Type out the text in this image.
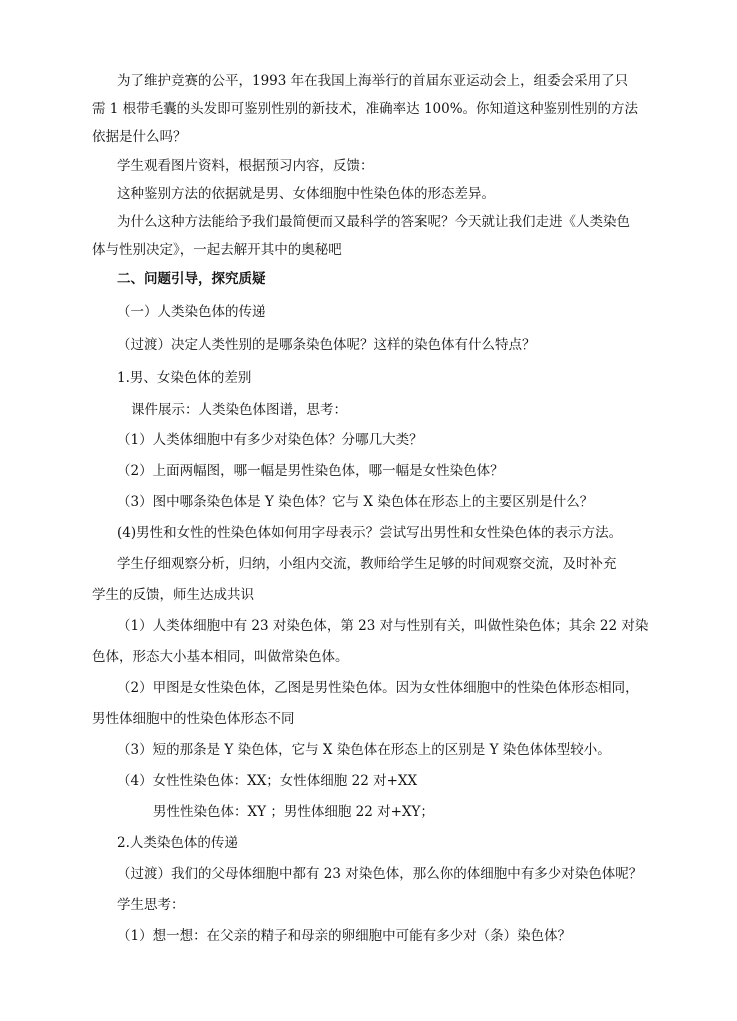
为了维护竞赛的公平，1993 年在我国上海举行的首届东亚运动会上，组委会采用了只
需 1 根带毛囊的头发即可鉴别性别的新技术，准确率达 100%。你知道这种鉴别性别的方法
依据是什么吗？
学生观看图片资料，根据预习内容，反馈：
这种鉴别方法的依据就是男、女体细胞中性染色体的形态差异。
为什么这种方法能给予我们最简便而又最科学的答案呢？今天就让我们走进《人类染色
体与性别决定》，一起去解开其中的奥秘吧
二、问题引导，探究质疑
（一）人类染色体的传递
（过渡）决定人类性别的是哪条染色体呢？这样的染色体有什么特点？
1.男、女染色体的差别
课件展示：人类染色体图谱，思考：
（1）人类体细胞中有多少对染色体？分哪几大类？
（2）上面两幅图，哪一幅是男性染色体，哪一幅是女性染色体？
（3）图中哪条染色体是 Y 染色体？它与 X 染色体在形态上的主要区别是什么？
(4)男性和女性的性染色体如何用字母表示？尝试写出男性和女性染色体的表示方法。
学生仔细观察分析，归纳，小组内交流，教师给学生足够的时间观察交流，及时补充
学生的反馈，师生达成共识
（1）人类体细胞中有 23 对染色体，第 23 对与性别有关，叫做性染色体；其余 22 对染
色体，形态大小基本相同，叫做常染色体。
（2）甲图是女性染色体，乙图是男性染色体。因为女性体细胞中的性染色体形态相同，
男性体细胞中的性染色体形态不同
（3）短的那条是 Y 染色体，它与 X 染色体在形态上的区别是 Y 染色体体型较小。
（4）女性性染色体：XX；女性体细胞 22 对+XX
男性性染色体：XY ；男性体细胞 22 对+XY；
2.人类染色体的传递
（过渡）我们的父母体细胞中都有 23 对染色体，那么你的体细胞中有多少对染色体呢？
学生思考：
（1）想一想：在父亲的精子和母亲的卵细胞中可能有多少对（条）染色体？
